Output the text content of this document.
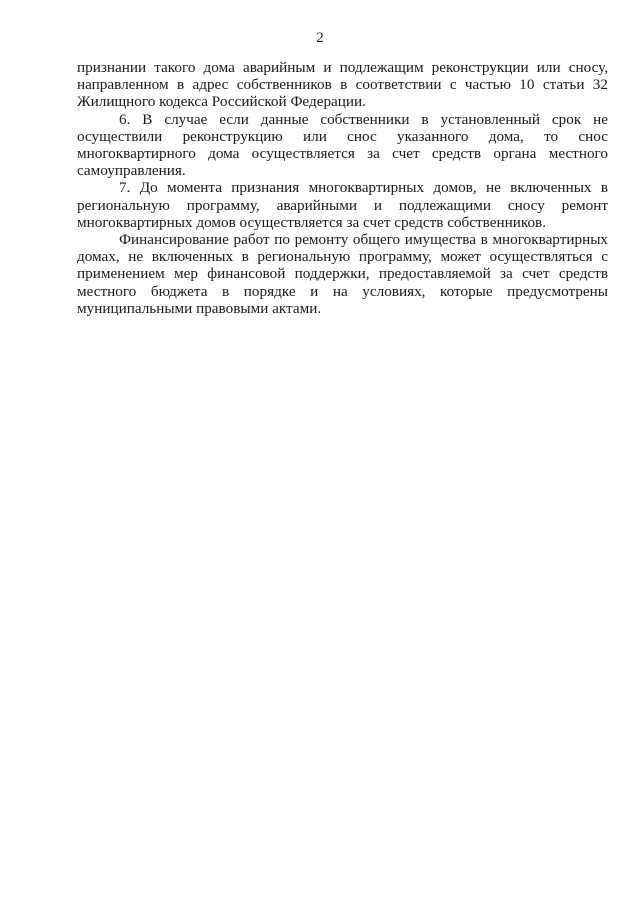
2

признании такого дома аварийным и подлежащим реконструкции или сносу, направленном в адрес собственников в соответствии с частью 10 статьи 32 Жилищного кодекса Российской Федерации.

6. В случае если данные собственники в установленный срок не осуществили реконструкцию или снос указанного дома, то снос многоквартирного дома осуществляется за счет средств органа местного самоуправления.

7. До момента признания многоквартирных домов, не включенных в региональную программу, аварийными и подлежащими сносу ремонт многоквартирных домов осуществляется за счет средств собственников.

Финансирование работ по ремонту общего имущества в многоквартирных домах, не включенных в региональную программу, может осуществляться с применением мер финансовой поддержки, предоставляемой за счет средств местного бюджета в порядке и на условиях, которые предусмотрены муниципальными правовыми актами.
